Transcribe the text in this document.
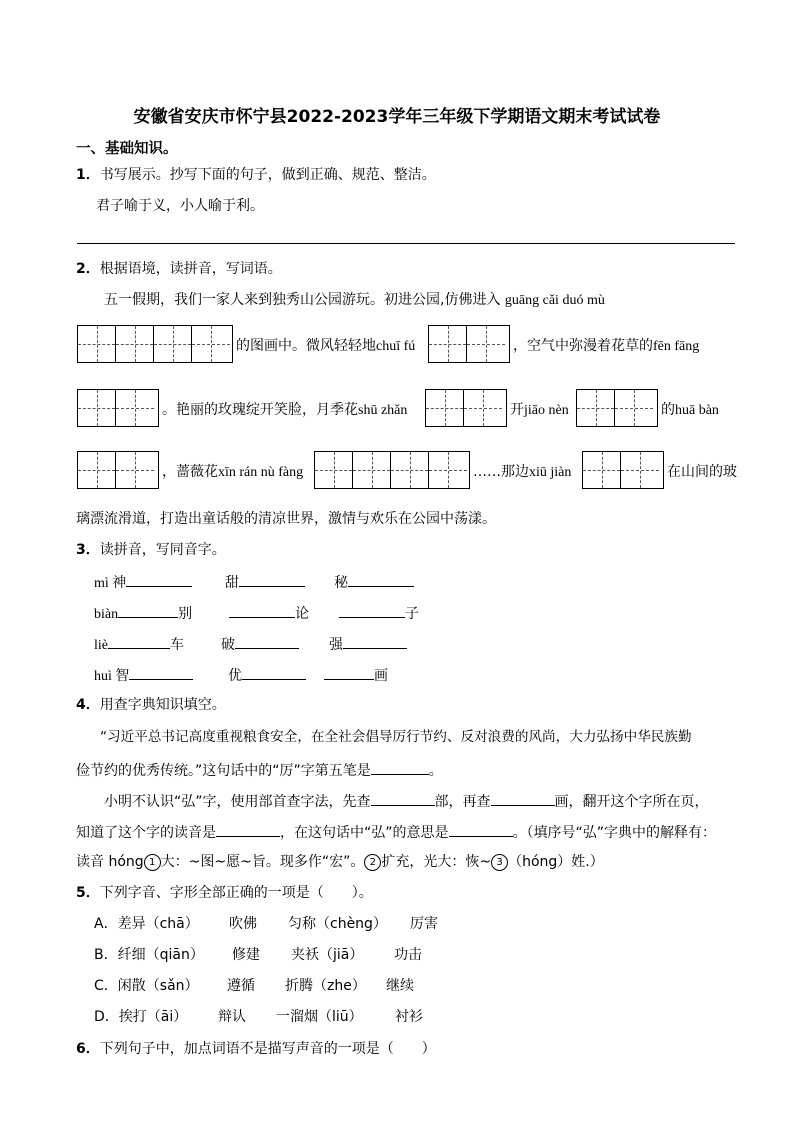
安徽省安庆市怀宁县2022-2023学年三年级下学期语文期末考试试卷
一、基础知识。
1．书写展示。抄写下面的句子，做到正确、规范、整洁。
君子喻于义，小人喻于利。
2．根据语境，读拼音，写词语。
五一假期，我们一家人来到独秀山公园游玩。初进公园,仿佛进入 guāng cǎi duó mù
的图画中。微风轻轻地chuī fú	，空气中弥漫着花草的fēn fāng
。艳丽的玫瑰绽开笑脸，月季花shū zhǎn	开jiāo nèn	的huā bàn
，蔷薇花xīn rán nù fàng	……那边xiū jiàn	在山间的玻
璃漂流滑道，打造出童话般的清凉世界，激情与欢乐在公园中荡漾。
3．读拼音，写同音字。
mì 神	甜	秘
biàn	别	论	子
liè	车	破	强
huì 智	优	画
4．用查字典知识填空。
“习近平总书记高度重视粮食安全，在全社会倡导厉行节约、反对浪费的风尚，大力弘扬中华民族勤
俭节约的优秀传统。”这句话中的“厉”字第五笔是	。
小明不认识“弘”字，使用部首查字法，先查	部，再查	画，翻开这个字所在页，
知道了这个字的读音是	，在这句话中“弘”的意思是	。（填序号“弘”字典中的解释有：
读音 hóng 1 大：~图~愿~旨。现多作“宏”。 2 扩充，光大：恢~ 3 （hóng）姓.）
5．下列字音、字形全部正确的一项是（　　）。
A．差异（chā） 吹佛 匀称（chèng） 厉害
B．纤细（qiān） 修建 夹袄（jiā） 功击
C．闲散（sǎn） 遵循 折腾（zhe） 继续
D．挨打（āi） 辩认 一溜烟（liū） 衬衫
6．下列句子中，加点词语不是描写声音的一项是（　　）
